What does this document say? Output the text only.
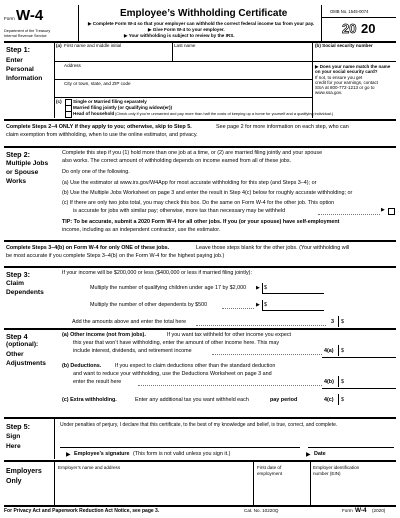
Form W-4
Department of the Treasury
Internal Revenue Service
Employee’s Withholding Certificate
▶ Complete Form W-4 so that your employer can withhold the correct federal income tax from your pay.
▶ Give Form W-4 to your employer.
▶ Your withholding is subject to review by the IRS.
OMB No. 1545-0074
20 20
Step 1:
Enter
Personal
Information
(a) First name and middle initial	Last name	(b) Social security number
Address
City or town, state, and ZIP code
▶ Does your name match the name on your social security card?
If not, to ensure you get
credit for your earnings, contact
SSA at 800-772-1213 or go to
www.ssa.gov.
(c) Single or Married filing separately
Married filing jointly (or Qualifying widow(er))
Head of household (Check only if you’re unmarried and pay more than half the costs of keeping up a home for yourself and a qualifying individual.)
Complete Steps 2–4 ONLY if they apply to you; otherwise, skip to Step 5.	See page 2 for more information on each step, who can
claim exemption from withholding, when to use the online estimator, and privacy.
Step 2:
Multiple Jobs
or Spouse
Works
Complete this step if you (1) hold more than one job at a time, or (2) are married filing jointly and your spouse
also works. The correct amount of withholding depends on income earned from all of these jobs.
Do only one of the following.
(a) Use the estimator at www.irs.gov/W4App for most accurate withholding for this step (and Steps 3–4); or
(b) Use the Multiple Jobs Worksheet on page 3 and enter the result in Step 4(c) below for roughly accurate withholding; or
(c) If there are only two jobs total, you may check this box. Do the same on Form W-4 for the other job. This option
is accurate for jobs with similar pay; otherwise, more tax than necessary may be withheld	▶
TIP: To be accurate, submit a 2020 Form W-4 for all other jobs. If you (or your spouse) have self-employment
income, including as an independent contractor, use the estimator.
Complete Steps 3–4(b) on Form W-4 for only ONE of these jobs.	Leave those steps blank for the other jobs. (Your withholding will
be most accurate if you complete Steps 3–4(b) on the Form W-4 for the highest paying job.)
Step 3:
Claim
Dependents
If your income will be $200,000 or less ($400,000 or less if married filing jointly):
Multiply the number of qualifying children under age 17 by $2,000 ▶ $
Multiply the number of other dependents by $500	▶ $
Add the amounts above and enter the total here	3 $
Step 4
(optional):
Other
Adjustments
(a) Other income (not from jobs).	If you want tax withheld for other income you expect
this year that won’t have withholding, enter the amount of other income here. This may
include interest, dividends, and retirement income	4(a) $
(b) Deductions.	If you expect to claim deductions other than the standard deduction
and want to reduce your withholding, use the Deductions Worksheet on page 3 and
enter the result here	4(b) $
(c) Extra withholding.	Enter any additional tax you want withheld each	pay period	4(c) $
Step 5:
Sign
Here
Under penalties of perjury, I declare that this certificate, to the best of my knowledge and belief, is true, correct, and complete.
▶ Employee’s signature (This form is not valid unless you sign it.)	▶ Date
Employers
Only
Employer’s name and address	First date of
employment
Employer identification
number (EIN)
For Privacy Act and Paperwork Reduction Act Notice, see page 3.	Cat. No. 10220Q	Form W-4 (2020)
